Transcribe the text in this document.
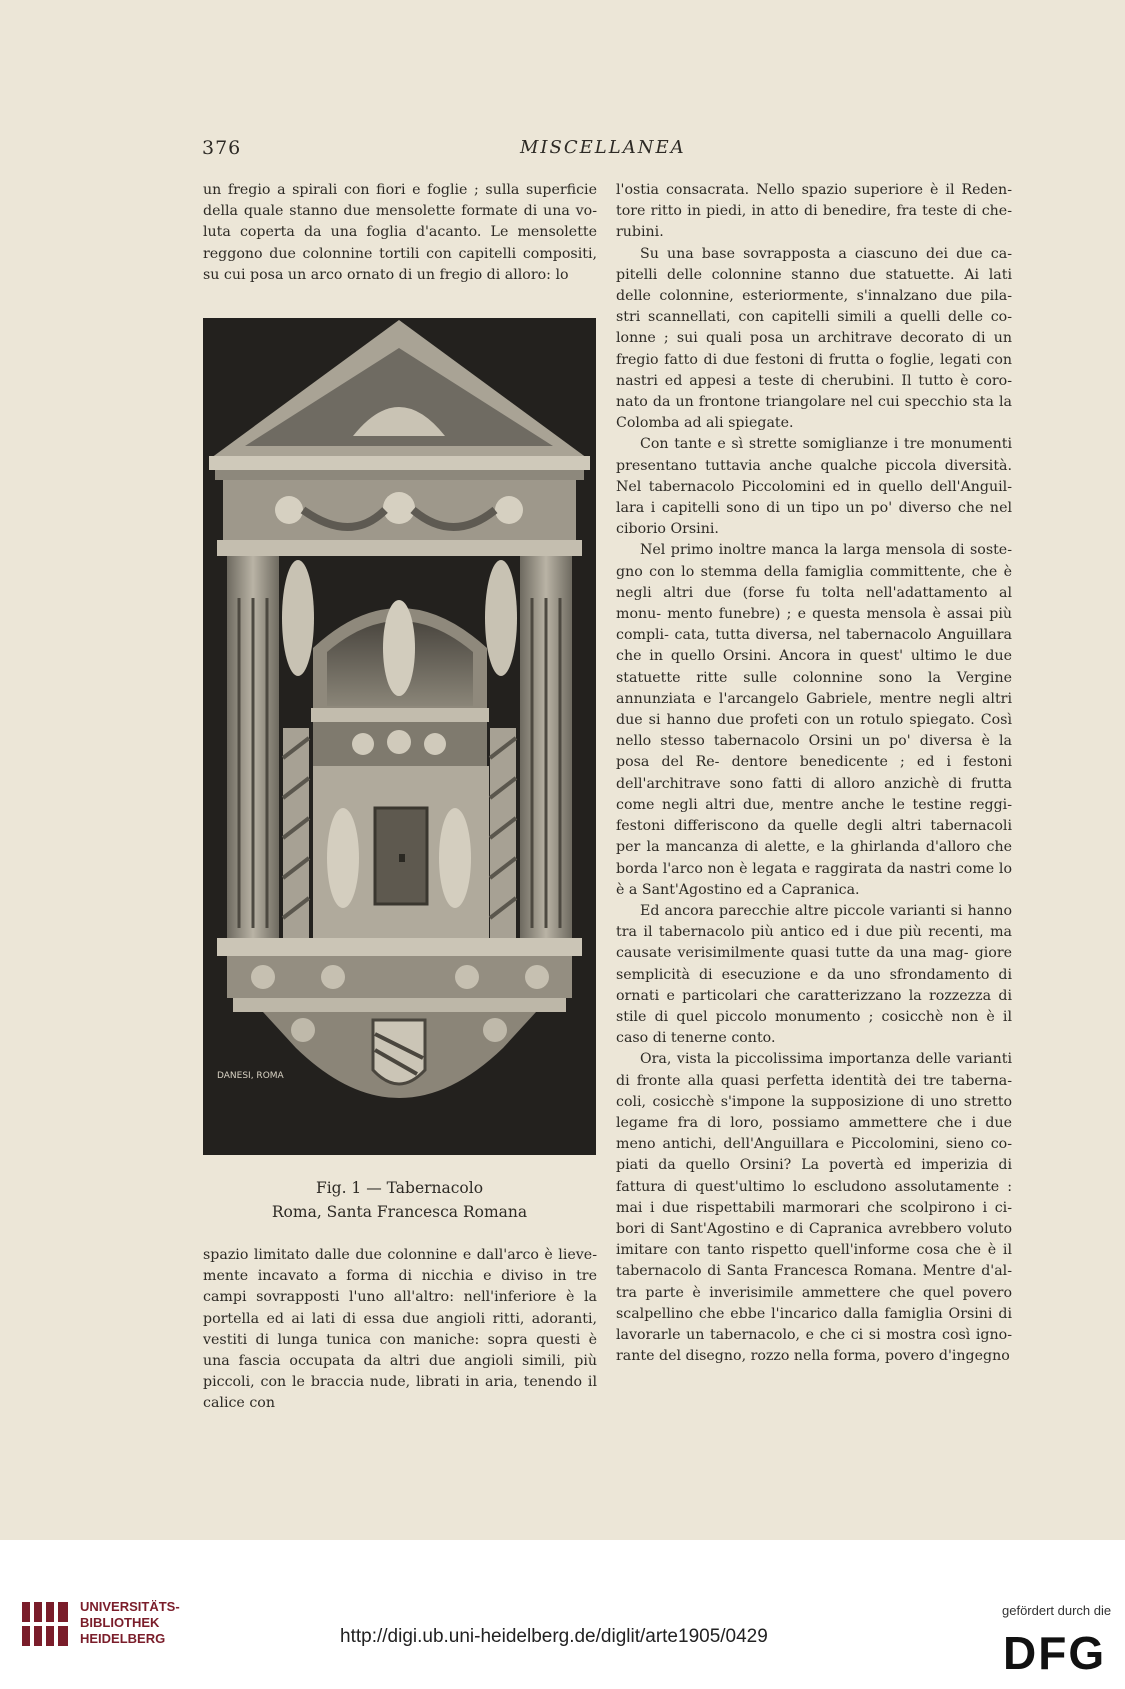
376	MISCELLANEA

un fregio a spirali con fiori e foglie ; sulla superficie della quale stanno due mensolette formate di una vo- luta coperta da una foglia d'acanto. Le mensolette reggono due colonnine tortili con capitelli compositi, su cui posa un arco ornato di un fregio di alloro: lo

DANESI, ROMA
Fig. 1 — Tabernacolo
Roma, Santa Francesca Romana

spazio limitato dalle due colonnine e dall'arco è lieve- mente incavato a forma di nicchia e diviso in tre campi sovrapposti l'uno all'altro: nell'inferiore è la portella ed ai lati di essa due angioli ritti, adoranti, vestiti di lunga tunica con maniche: sopra questi è una fascia occupata da altri due angioli simili, più piccoli, con le braccia nude, librati in aria, tenendo il calice con

l'ostia consacrata. Nello spazio superiore è il Reden- tore ritto in piedi, in atto di benedire, fra teste di che- rubini.

Su una base sovrapposta a ciascuno dei due ca- pitelli delle colonnine stanno due statuette. Ai lati delle colonnine, esteriormente, s'innalzano due pila- stri scannellati, con capitelli simili a quelli delle co- lonne ; sui quali posa un architrave decorato di un fregio fatto di due festoni di frutta o foglie, legati con nastri ed appesi a teste di cherubini. Il tutto è coro- nato da un frontone triangolare nel cui specchio sta la Colomba ad ali spiegate.

Con tante e sì strette somiglianze i tre monumenti presentano tuttavia anche qualche piccola diversità. Nel tabernacolo Piccolomini ed in quello dell'Anguil- lara i capitelli sono di un tipo un po' diverso che nel ciborio Orsini.

Nel primo inoltre manca la larga mensola di soste- gno con lo stemma della famiglia committente, che è negli altri due (forse fu tolta nell'adattamento al monu- mento funebre) ; e questa mensola è assai più compli- cata, tutta diversa, nel tabernacolo Anguillara che in quello Orsini. Ancora in quest' ultimo le due statuette ritte sulle colonnine sono la Vergine annunziata e l'arcangelo Gabriele, mentre negli altri due si hanno due profeti con un rotulo spiegato. Così nello stesso tabernacolo Orsini un po' diversa è la posa del Re- dentore benedicente ; ed i festoni dell'architrave sono fatti di alloro anzichè di frutta come negli altri due, mentre anche le testine reggi-festoni differiscono da quelle degli altri tabernacoli per la mancanza di alette, e la ghirlanda d'alloro che borda l'arco non è legata e raggirata da nastri come lo è a Sant'Agostino ed a Capranica.

Ed ancora parecchie altre piccole varianti si hanno tra il tabernacolo più antico ed i due più recenti, ma causate verisimilmente quasi tutte da una mag- giore semplicità di esecuzione e da uno sfrondamento di ornati e particolari che caratterizzano la rozzezza di stile di quel piccolo monumento ; cosicchè non è il caso di tenerne conto.

Ora, vista la piccolissima importanza delle varianti di fronte alla quasi perfetta identità dei tre taberna- coli, cosicchè s'impone la supposizione di uno stretto legame fra di loro, possiamo ammettere che i due meno antichi, dell'Anguillara e Piccolomini, sieno co- piati da quello Orsini? La povertà ed imperizia di fattura di quest'ultimo lo escludono assolutamente : mai i due rispettabili marmorari che scolpirono i ci- bori di Sant'Agostino e di Capranica avrebbero voluto imitare con tanto rispetto quell'informe cosa che è il tabernacolo di Santa Francesca Romana. Mentre d'al- tra parte è inverisimile ammettere che quel povero scalpellino che ebbe l'incarico dalla famiglia Orsini di lavorarle un tabernacolo, e che ci si mostra così igno- rante del disegno, rozzo nella forma, povero d'ingegno

UNIVERSITÄTS-
BIBLIOTHEK
HEIDELBERG	http://digi.ub.uni-heidelberg.de/diglit/arte1905/0429
gefördert durch die
DFG
